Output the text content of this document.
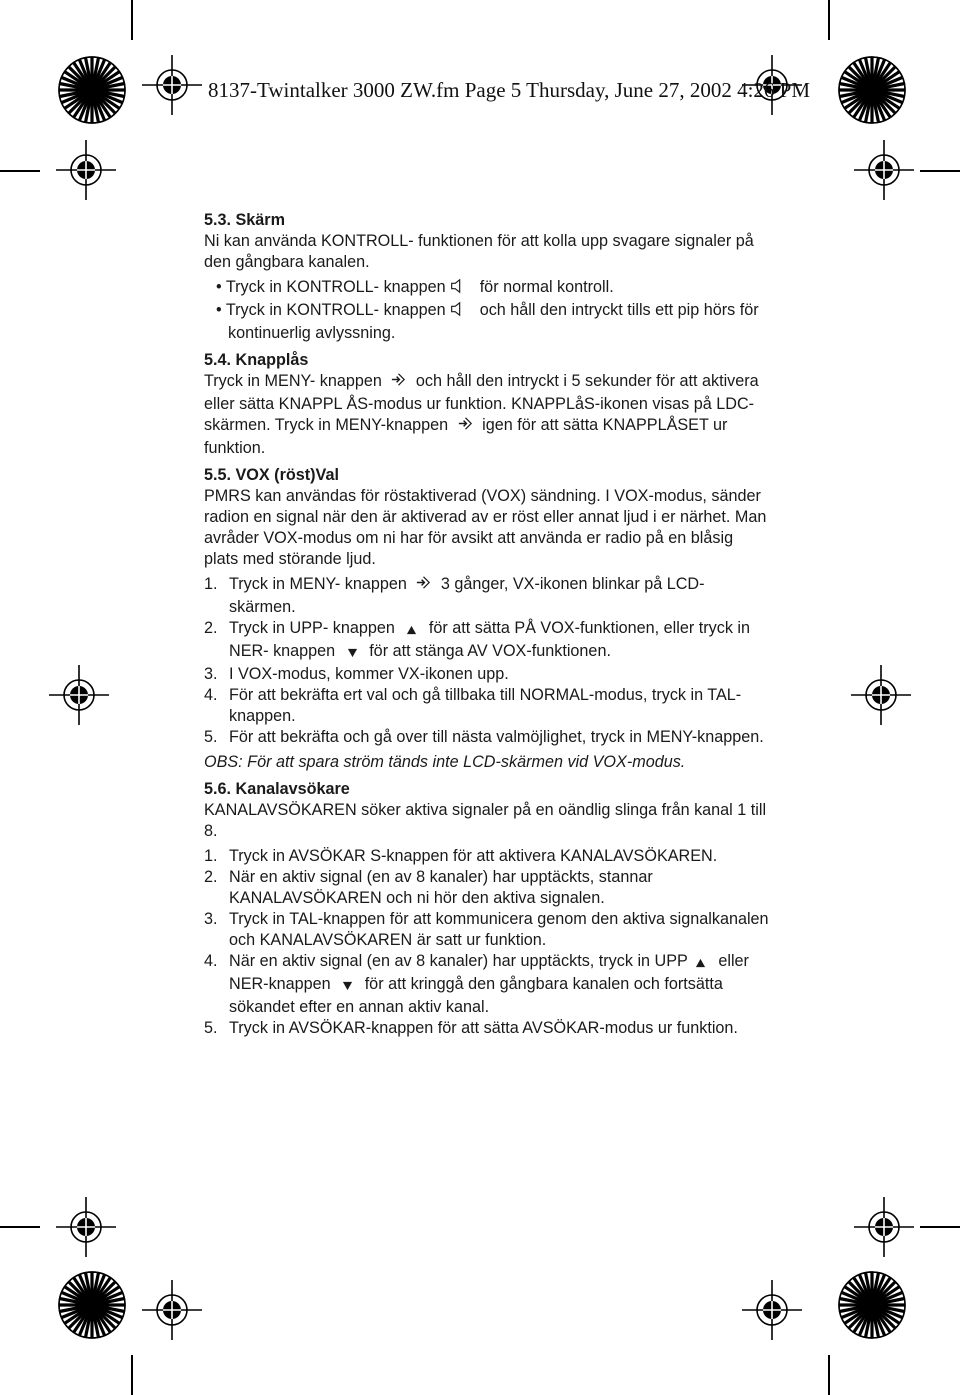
8137-Twintalker 3000 ZW.fm Page 5 Thursday, June 27, 2002 4:26 PM

5.3. Skärm

Ni kan använda KONTROLL- funktionen för att kolla upp svagare signaler på den gångbara kanalen.

• Tryck in KONTROLL- knappen för normal kontroll.

• Tryck in KONTROLL- knappen och håll den intryckt tills ett pip hörs för kontinuerlig avlyssning.

5.4. Knapplås

Tryck in MENY- knappen och håll den intryckt i 5 sekunder för att aktivera eller sätta KNAPPL ÅS-modus ur funktion. KNAPPLåS-ikonen visas på LDC-skärmen. Tryck in MENY-knappen igen för att sätta KNAPPLÅSET ur funktion.

5.5. VOX (röst)Val

PMRS kan användas för röstaktiverad (VOX) sändning. I VOX-modus, sänder radion en signal när den är aktiverad av er röst eller annat ljud i er närhet. Man avråder VOX-modus om ni har för avsikt att använda er radio på en blåsig plats med störande ljud.

1. Tryck in MENY- knappen 3 gånger, VX-ikonen blinkar på LCD-skärmen.
2. Tryck in UPP- knappen för att sätta PÅ VOX-funktionen, eller tryck in NER- knappen för att stänga AV VOX-funktionen.
3. I VOX-modus, kommer VX-ikonen upp.
4. För att bekräfta ert val och gå tillbaka till NORMAL-modus, tryck in TAL-knappen.
5. För att bekräfta och gå over till nästa valmöjlighet, tryck in MENY-knappen.

OBS: För att spara ström tänds inte LCD-skärmen vid VOX-modus.

5.6. Kanalavsökare

KANALAVSÖKAREN söker aktiva signaler på en oändlig slinga från kanal 1 till 8.

1. Tryck in AVSÖKAR S-knappen för att aktivera KANALAVSÖKAREN.
2. När en aktiv signal (en av 8 kanaler) har upptäckts, stannar KANALAVSÖKAREN och ni hör den aktiva signalen.
3. Tryck in TAL-knappen för att kommunicera genom den aktiva signalkanalen och KANALAVSÖKAREN är satt ur funktion.
4. När en aktiv signal (en av 8 kanaler) har upptäckts, tryck in UPP eller NER-knappen för att kringgå den gångbara kanalen och fortsätta sökandet efter en annan aktiv kanal.
5. Tryck in AVSÖKAR-knappen för att sätta AVSÖKAR-modus ur funktion.
